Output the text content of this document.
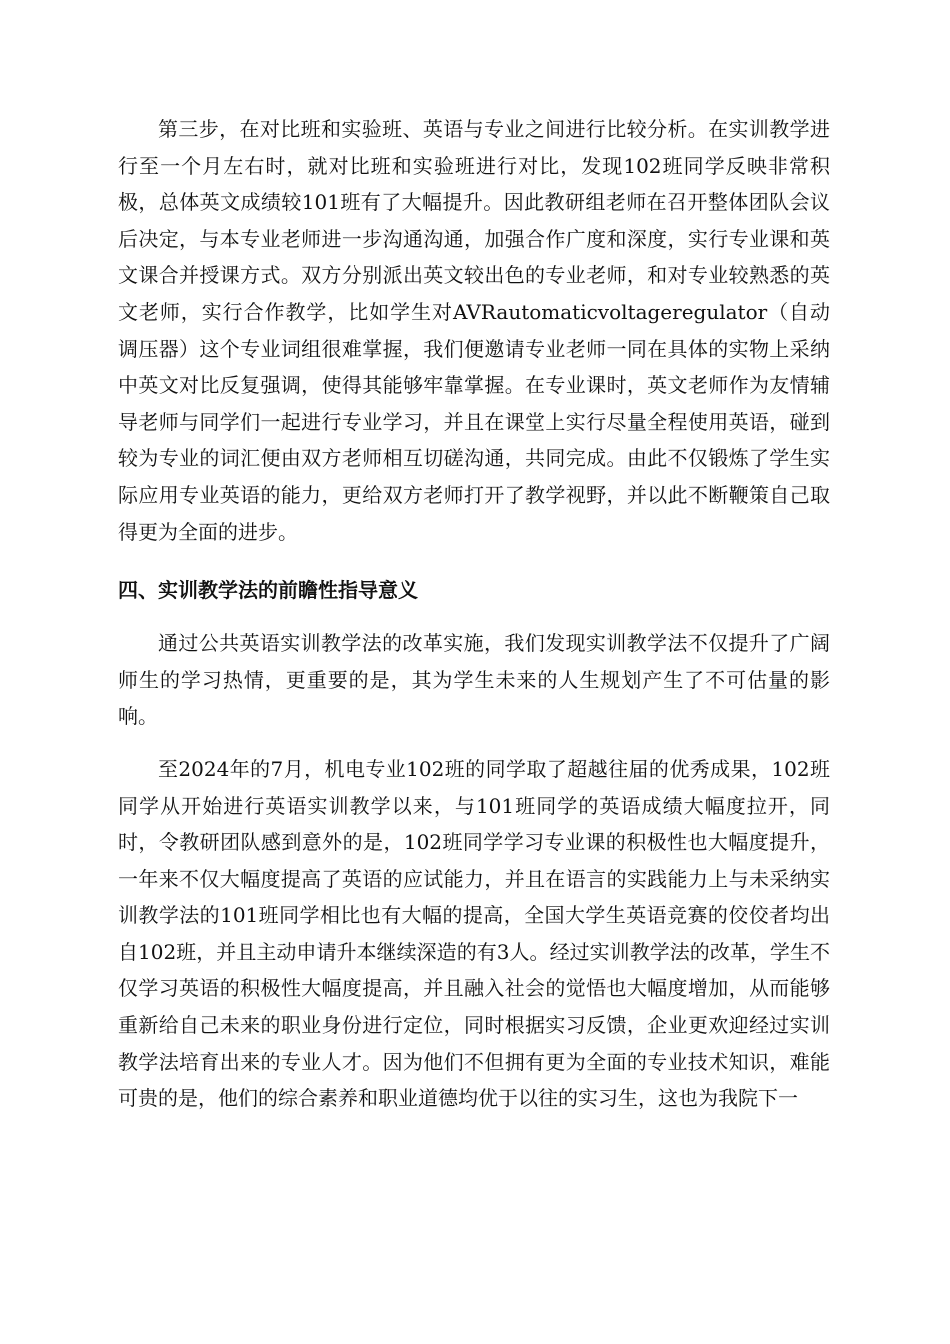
第三步，在对比班和实验班、英语与专业之间进行比较分析。在实训教学进行至一个月左右时，就对比班和实验班进行对比，发现102班同学反映非常积极，总体英文成绩较101班有了大幅提升。因此教研组老师在召开整体团队会议后决定，与本专业老师进一步沟通沟通，加强合作广度和深度，实行专业课和英文课合并授课方式。双方分别派出英文较出色的专业老师，和对专业较熟悉的英文老师，实行合作教学，比如学生对AVRautomaticvoltageregulator（自动调压器）这个专业词组很难掌握，我们便邀请专业老师一同在具体的实物上采纳中英文对比反复强调，使得其能够牢靠掌握。在专业课时，英文老师作为友情辅导老师与同学们一起进行专业学习，并且在课堂上实行尽量全程使用英语，碰到较为专业的词汇便由双方老师相互切磋沟通，共同完成。由此不仅锻炼了学生实际应用专业英语的能力，更给双方老师打开了教学视野，并以此不断鞭策自己取得更为全面的进步。

四、实训教学法的前瞻性指导意义

通过公共英语实训教学法的改革实施，我们发现实训教学法不仅提升了广阔师生的学习热情，更重要的是，其为学生未来的人生规划产生了不可估量的影响。

至2024年的7月，机电专业102班的同学取了超越往届的优秀成果，102班同学从开始进行英语实训教学以来，与101班同学的英语成绩大幅度拉开，同时，令教研团队感到意外的是，102班同学学习专业课的积极性也大幅度提升，一年来不仅大幅度提高了英语的应试能力，并且在语言的实践能力上与未采纳实训教学法的101班同学相比也有大幅的提高，全国大学生英语竞赛的佼佼者均出自102班，并且主动申请升本继续深造的有3人。经过实训教学法的改革，学生不仅学习英语的积极性大幅度提高，并且融入社会的觉悟也大幅度增加，从而能够重新给自己未来的职业身份进行定位，同时根据实习反馈，企业更欢迎经过实训教学法培育出来的专业人才。因为他们不但拥有更为全面的专业技术知识，难能可贵的是，他们的综合素养和职业道德均优于以往的实习生，这也为我院下一
